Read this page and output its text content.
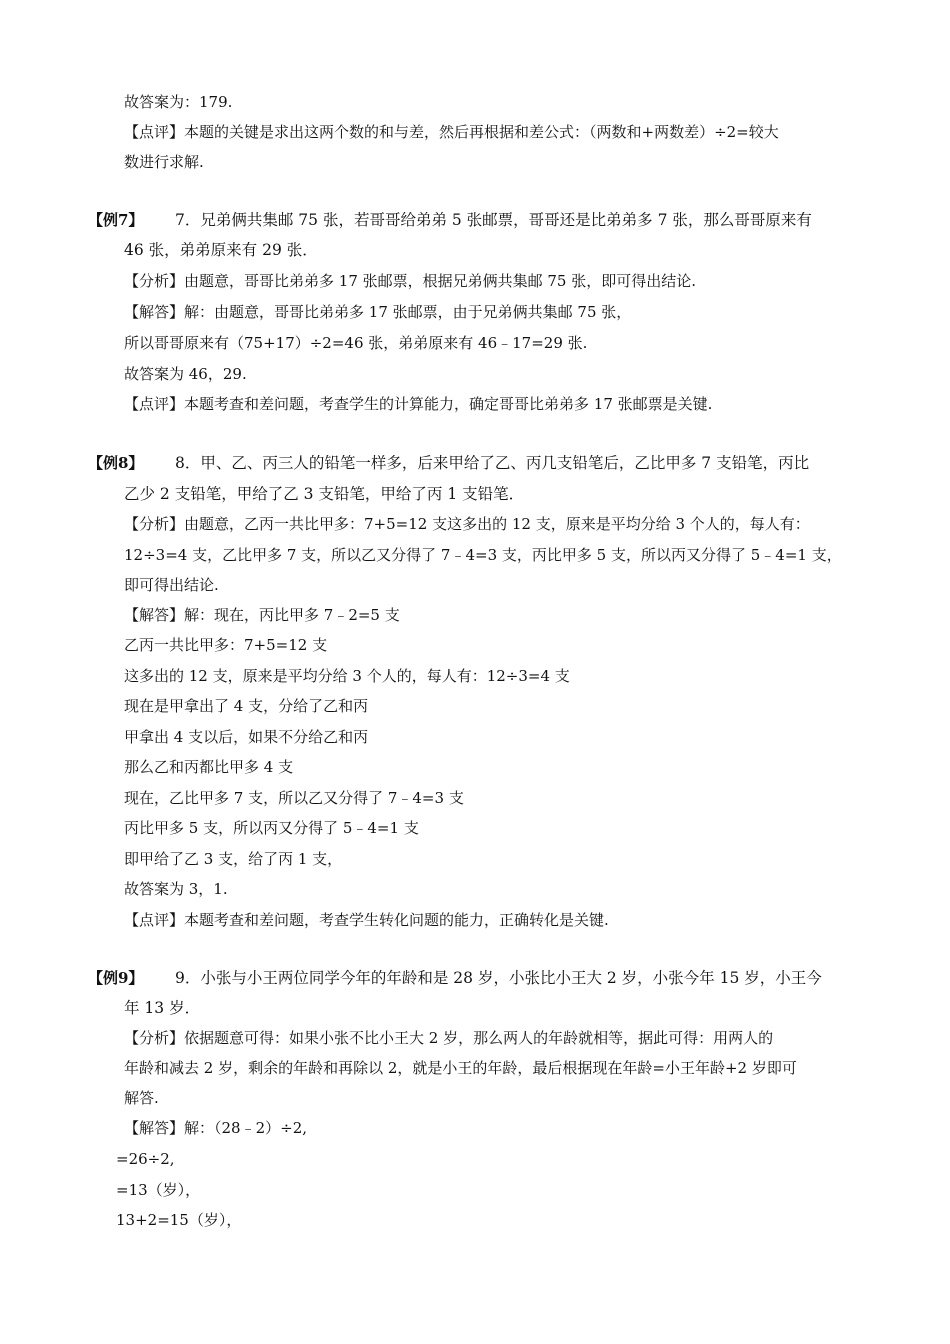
故答案为：179.
【点评】本题的关键是求出这两个数的和与差，然后再根据和差公式：（两数和+两数差）÷2=较大
数进行求解.
【例7】 7．兄弟俩共集邮 75 张，若哥哥给弟弟 5 张邮票，哥哥还是比弟弟多 7 张，那么哥哥原来有
46 张，弟弟原来有 29 张．
【分析】由题意，哥哥比弟弟多 17 张邮票，根据兄弟俩共集邮 75 张，即可得出结论.
【解答】解：由题意，哥哥比弟弟多 17 张邮票，由于兄弟俩共集邮 75 张，
所以哥哥原来有（75+17）÷2=46 张，弟弟原来有 46﹣17=29 张.
故答案为 46，29.
【点评】本题考查和差问题，考查学生的计算能力，确定哥哥比弟弟多 17 张邮票是关键.
【例8】 8．甲、乙、丙三人的铅笔一样多，后来甲给了乙、丙几支铅笔后，乙比甲多 7 支铅笔，丙比
乙少 2 支铅笔，甲给了乙 3 支铅笔，甲给了丙 1 支铅笔．
【分析】由题意，乙丙一共比甲多：7+5=12 支这多出的 12 支，原来是平均分给 3 个人的，每人有：
12÷3=4 支，乙比甲多 7 支，所以乙又分得了 7﹣4=3 支，丙比甲多 5 支，所以丙又分得了 5﹣4=1 支，
即可得出结论.
【解答】解：现在，丙比甲多 7﹣2=5 支
乙丙一共比甲多：7+5=12 支
这多出的 12 支，原来是平均分给 3 个人的，每人有：12÷3=4 支
现在是甲拿出了 4 支，分给了乙和丙
甲拿出 4 支以后，如果不分给乙和丙
那么乙和丙都比甲多 4 支
现在，乙比甲多 7 支，所以乙又分得了 7﹣4=3 支
丙比甲多 5 支，所以丙又分得了 5﹣4=1 支
即甲给了乙 3 支，给了丙 1 支，
故答案为 3，1.
【点评】本题考查和差问题，考查学生转化问题的能力，正确转化是关键.
【例9】 9．小张与小王两位同学今年的年龄和是 28 岁，小张比小王大 2 岁，小张今年 15 岁，小王今
年 13 岁．
【分析】依据题意可得：如果小张不比小王大 2 岁，那么两人的年龄就相等，据此可得：用两人的
年龄和减去 2 岁，剩余的年龄和再除以 2，就是小王的年龄，最后根据现在年龄=小王年龄+2 岁即可
解答.
【解答】解：（28﹣2）÷2,
=26÷2,
=13（岁），
13+2=15（岁），
